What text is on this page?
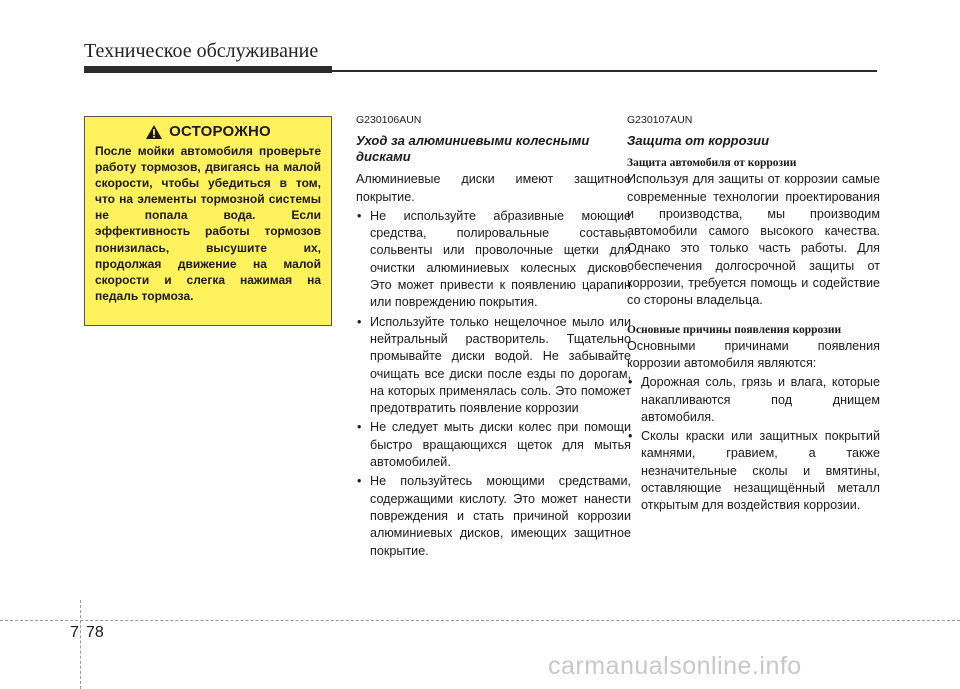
Техническое обслуживание
ОСТОРОЖНО
После мойки автомобиля проверьте работу тормозов, двигаясь на малой скорости, чтобы убедиться в том, что на элементы тормозной системы не попала вода. Если эффективность работы тормозов понизилась, высушите их, продолжая движение на малой скорости и слегка нажимая на педаль тормоза.
G230106AUN
Уход за алюминиевыми колесными дисками
Алюминиевые диски имеют защитное покрытие.
• Не используйте абразивные моющие средства, полировальные составы, сольвенты или проволочные щетки для очистки алюминиевых колесных дисков. Это может привести к появлению царапин или повреждению покрытия.
• Используйте только нещелочное мыло или нейтральный растворитель. Тщательно промывайте диски водой. Не забывайте очищать все диски после езды по дорогам, на которых применялась соль. Это поможет предотвратить появление коррозии
• Не следует мыть диски колес при помощи быстро вращающихся щеток для мытья автомобилей.
• Не пользуйтесь моющими средствами, содержащими кислоту. Это может нанести повреждения и стать причиной коррозии алюминиевых дисков, имеющих защитное покрытие.
G230107AUN
Защита от коррозии
Защита автомобиля от коррозии
Используя для защиты от коррозии самые современные технологии проектирования и производства, мы производим автомобили самого высокого качества. Однако это только часть работы. Для обеспечения долгосрочной защиты от коррозии, требуется помощь и содействие со стороны владельца.
Основные причины появления коррозии
Основными причинами появления коррозии автомобиля являются:
• Дорожная соль, грязь и влага, которые накапливаются под днищем автомобиля.
• Сколы краски или защитных покрытий камнями, гравием, а также незначительные сколы и вмятины, оставляющие незащищённый металл открытым для воздействия коррозии.
7 78
carmanualsonline.info
